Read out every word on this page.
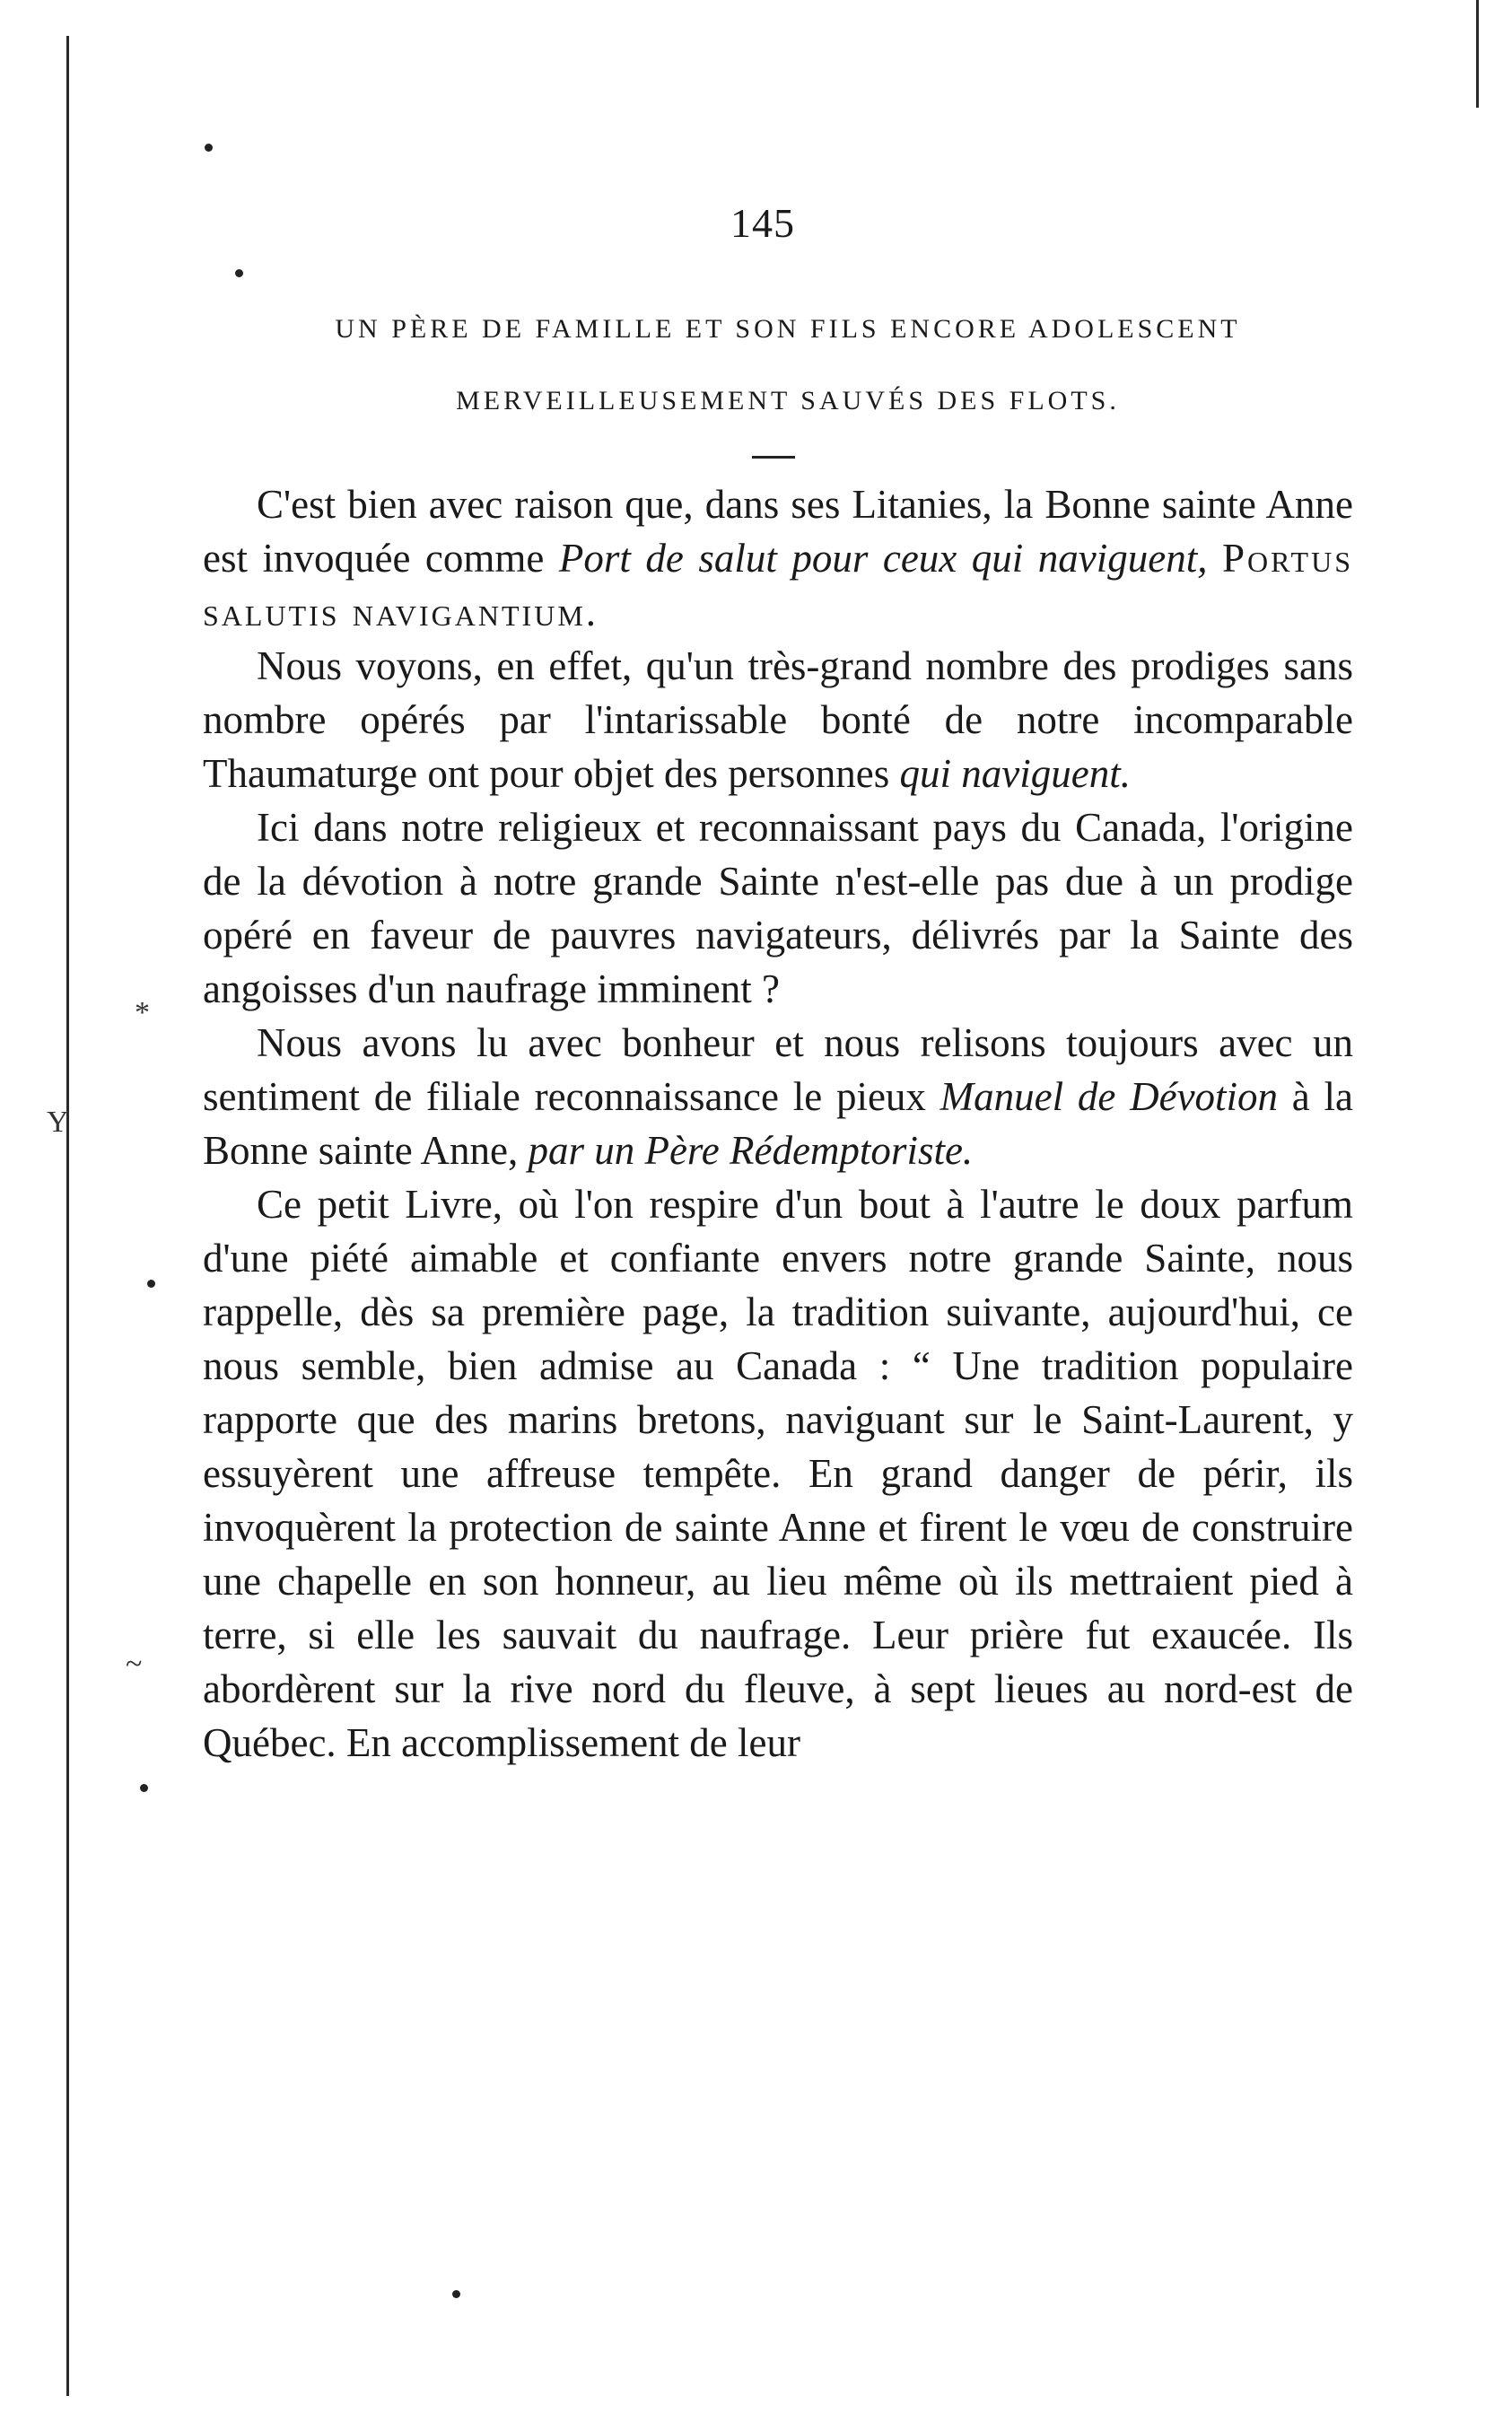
145
UN PÈRE DE FAMILLE ET SON FILS ENCORE ADOLESCENT
MERVEILLEUSEMENT SAUVÉS DES FLOTS.

C'est bien avec raison que, dans ses Litanies, la Bonne sainte Anne est invoquée comme Port de salut pour ceux qui naviguent, Portus salutis navigantium.

Nous voyons, en effet, qu'un très-grand nombre des prodiges sans nombre opérés par l'intarissable bonté de notre incomparable Thaumaturge ont pour objet des personnes qui naviguent.

Ici dans notre religieux et reconnaissant pays du Canada, l'origine de la dévotion à notre grande Sainte n'est-elle pas due à un prodige opéré en faveur de pauvres navigateurs, délivrés par la Sainte des angoisses d'un naufrage imminent ?

Nous avons lu avec bonheur et nous relisons toujours avec un sentiment de filiale reconnaissance le pieux Manuel de Dévotion à la Bonne sainte Anne, par un Père Rédemptoriste.

Ce petit Livre, où l'on respire d'un bout à l'autre le doux parfum d'une piété aimable et confiante envers notre grande Sainte, nous rappelle, dès sa première page, la tradition suivante, aujourd'hui, ce nous semble, bien admise au Canada : “ Une tradition populaire rapporte que des marins bretons, naviguant sur le Saint-Laurent, y essuyèrent une affreuse tempête. En grand danger de périr, ils invoquèrent la protection de sainte Anne et firent le vœu de construire une chapelle en son honneur, au lieu même où ils mettraient pied à terre, si elle les sauvait du naufrage. Leur prière fut exaucée. Ils abordèrent sur la rive nord du fleuve, à sept lieues au nord-est de Québec. En accomplissement de leur

*
Y
~
